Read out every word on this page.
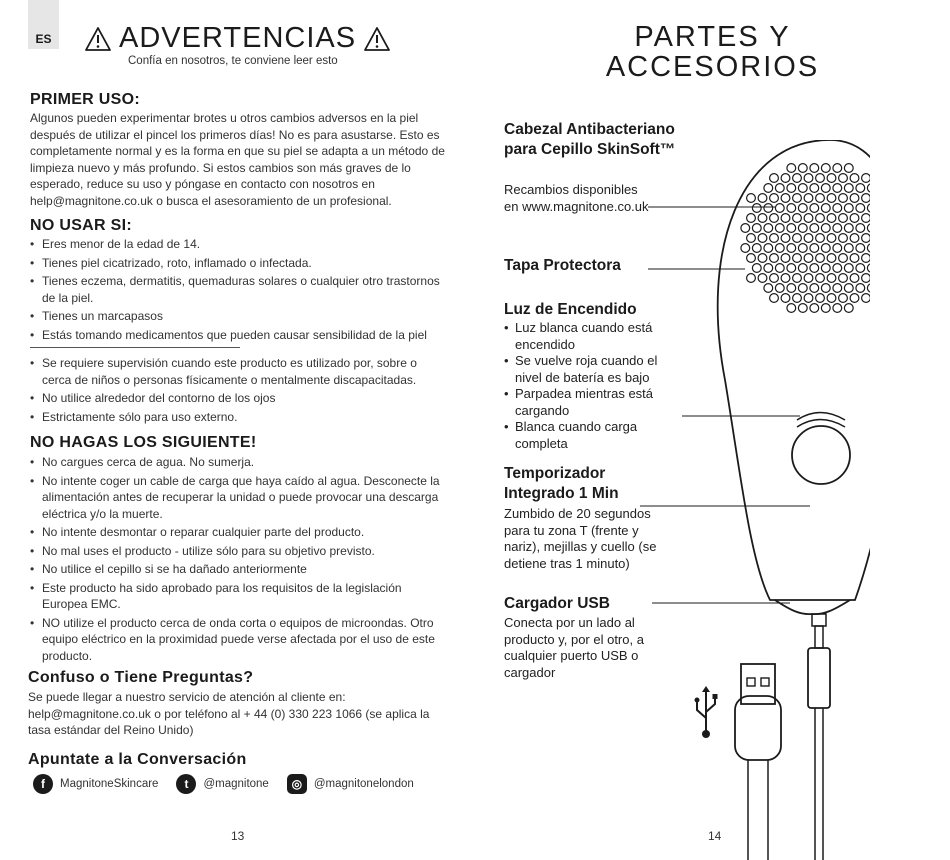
ES ADVERTENCIAS
Confía en nosotros, te conviene leer esto
PRIMER USO:
Algunos pueden experimentar brotes u otros cambios adversos en la piel después de utilizar el pincel los primeros días! No es para asustarse. Esto es completamente normal y es la forma en que su piel se adapta a un método de limpieza nuevo y más profundo. Si estos cambios son más graves de lo esperado, reduce su uso y póngase en contacto con nosotros en help@magnitone.co.uk o busca el asesoramiento de un profesional.
NO USAR SI:
• Eres menor de la edad de 14.
• Tienes piel cicatrizado, roto, inflamado o infectada.
• Tienes eczema, dermatitis, quemaduras solares o cualquier otro trastornos de la piel.
• Tienes un marcapasos
• Estás tomando medicamentos que pueden causar sensibilidad de la piel
• Se requiere supervisión cuando este producto es utilizado por, sobre o cerca de niños o personas físicamente o mentalmente discapacitadas.
• No utilice alrededor del contorno de los ojos
• Estrictamente sólo para uso externo.
NO HAGAS LOS SIGUIENTE!
• No cargues cerca de agua. No sumerja.
• No intente coger un cable de carga que haya caído al agua. Desconecte la alimentación antes de recuperar la unidad o puede provocar una descarga eléctrica y/o la muerte.
• No intente desmontar o reparar cualquier parte del producto.
• No mal uses el producto - utilize sólo para su objetivo previsto.
• No utilice el cepillo si se ha dañado anteriormente
• Este producto ha sido aprobado para los requisitos de la legislación Europea EMC.
• NO utilize el producto cerca de onda corta o equipos de microondas. Otro equipo eléctrico en la proximidad puede verse afectada por el uso de este producto.
Confuso o Tiene Preguntas?
Se puede llegar a nuestro servicio de atención al cliente en: help@magnitone.co.uk o por teléfono al + 44 (0) 330 223 1066 (se aplica la tasa estándar del Reino Unido)
Apuntate a la Conversación
f	MagnitoneSkincare	t	@magnitone	◎	@magnitonelondon
13
PARTES Y
ACCESORIOS
Cabezal Antibacteriano para Cepillo SkinSoft™
Recambios disponibles en www.magnitone.co.uk
Tapa Protectora
Luz de Encendido
• Luz blanca cuando está encendido
• Se vuelve roja cuando el nivel de batería es bajo
• Parpadea mientras está cargando
• Blanca cuando carga completa
Temporizador Integrado 1 Min
Zumbido de 20 segundos para tu zona T (frente y nariz), mejillas y cuello (se detiene tras 1 minuto)
Cargador USB
Conecta por un lado al producto y, por el otro, a cualquier puerto USB o cargador
14
